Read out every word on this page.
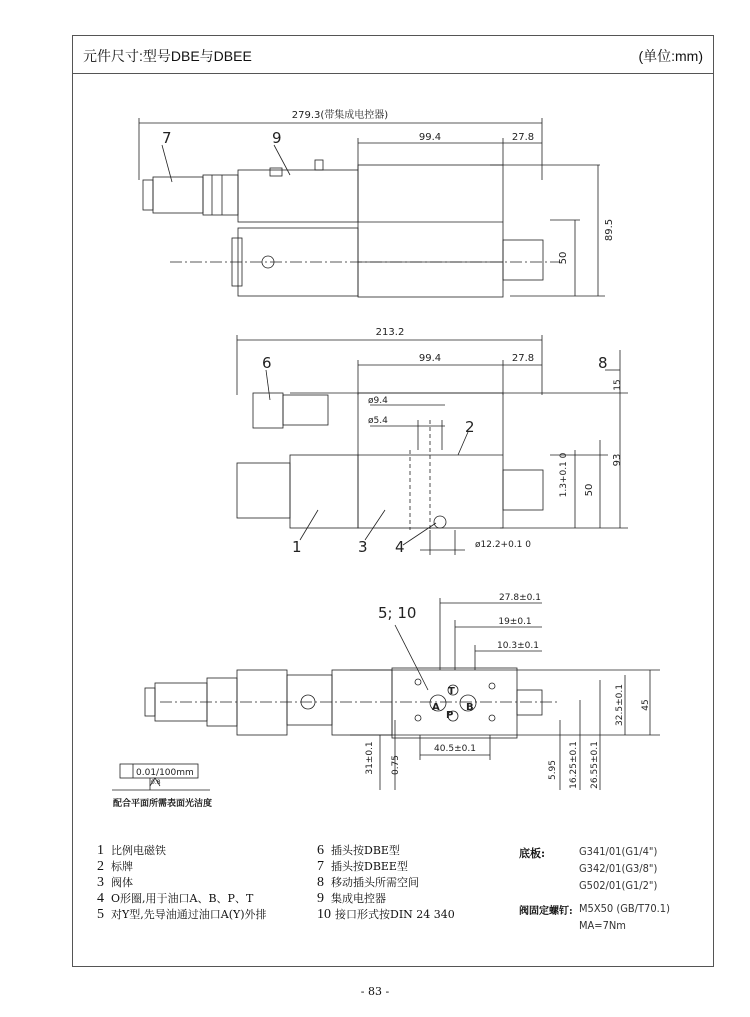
元件尺寸:型号DBE与DBEE	(单位:mm)
279.3(带集成电控器)
99.4	27.8
89.5
50
7	9
213.2
99.4	27.8
ø9.4
ø5.4
1.3+0.1 0 50
93
15
ø12.2+0.1 0
6
2
8
1	3 4
5; 10
27.8±0.1
19±0.1
10.3±0.1
40.5±0.1
31±0.1 0.75	5.95 16.25±0.1 26.55±0.1
32.5±0.1 45
T
A
P
B
0.01/100mm
0.8
配合平面所需表面光洁度
1 比例电磁铁
2 标牌
3 阀体
4 O形圈,用于油口A、B、P、T
5 对Y型,先导油通过油口A(Y)外排
6 插头按DBE型
7 插头按DBEE型
8 移动插头所需空间
9 集成电控器
10 接口形式按DIN 24 340
底板:	G341/01(G1/4")
G342/01(G3/8")
G502/01(G1/2")
阀固定螺钉: M5X50 (GB/T70.1)
MA=7Nm
- 83 -
